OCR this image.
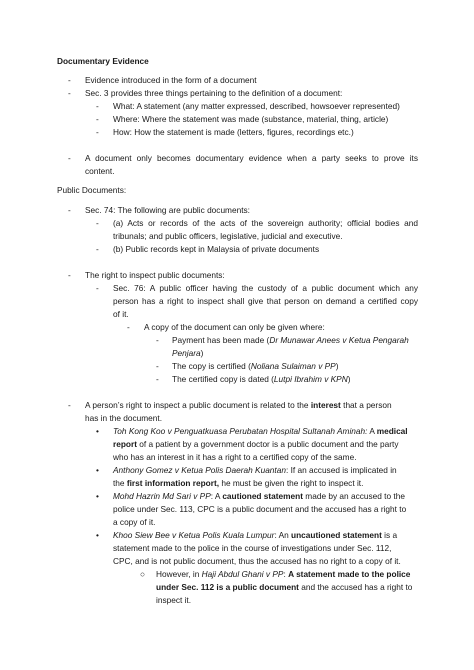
Documentary Evidence
- Evidence introduced in the form of a document
- Sec. 3 provides three things pertaining to the definition of a document:
- What: A statement (any matter expressed, described, howsoever represented)
- Where: Where the statement was made (substance, material, thing, article)
- How: How the statement is made (letters, figures, recordings etc.)
- A document only becomes documentary evidence when a party seeks to prove its
content.
Public Documents:
- Sec. 74: The following are public documents:
- (a) Acts or records of the acts of the sovereign authority; official bodies and
tribunals; and public officers, legislative, judicial and executive.
- (b) Public records kept in Malaysia of private documents
- The right to inspect public documents:
- Sec. 76: A public officer having the custody of a public document which any
person has a right to inspect shall give that person on demand a certified copy
of it.
- A copy of the document can only be given where:
- Payment has been made (Dr Munawar Anees v Ketua Pengarah
Penjara)
- The copy is certified (Noliana Sulaiman v PP)
- The certified copy is dated (Lutpi Ibrahim v KPN)
- A person’s right to inspect a public document is related to the interest that a person
has in the document.
• Toh Kong Koo v Penguatkuasa Perubatan Hospital Sultanah Aminah: A medical
report of a patient by a government doctor is a public document and the party
who has an interest in it has a right to a certified copy of the same.
• Anthony Gomez v Ketua Polis Daerah Kuantan: If an accused is implicated in
the first information report, he must be given the right to inspect it.
• Mohd Hazrin Md Sari v PP: A cautioned statement made by an accused to the
police under Sec. 113, CPC is a public document and the accused has a right to
a copy of it.
• Khoo Siew Bee v Ketua Polis Kuala Lumpur: An uncautioned statement is a
statement made to the police in the course of investigations under Sec. 112,
CPC, and is not public document, thus the accused has no right to a copy of it.
○ However, in Haji Abdul Ghani v PP: A statement made to the police
under Sec. 112 is a public document and the accused has a right to
inspect it.
